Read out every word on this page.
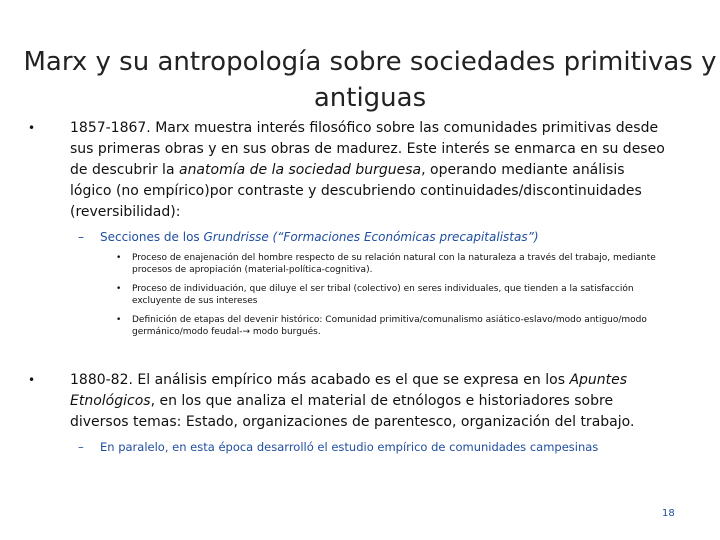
Marx y su antropología sobre sociedades primitivas y antiguas
• 1857-1867. Marx muestra interés filosófico sobre las comunidades primitivas desde sus primeras obras y en sus obras de madurez. Este interés se enmarca en su deseo de descubrir la anatomía de la sociedad burguesa, operando mediante análisis lógico (no empírico)por contraste y descubriendo continuidades/discontinuidades (reversibilidad):
– Secciones de los Grundrisse (“Formaciones Económicas precapitalistas”)
• Proceso de enajenación del hombre respecto de su relación natural con la naturaleza a través del trabajo, mediante procesos de apropiación (material-política-cognitiva).
• Proceso de individuación, que diluye el ser tribal (colectivo) en seres individuales, que tienden a la satisfacción excluyente de sus intereses
• Definición de etapas del devenir histórico: Comunidad primitiva/comunalismo asiático-eslavo/modo antiguo/modo germánico/modo feudal-→ modo burgués.
• 1880-82. El análisis empírico más acabado es el que se expresa en los Apuntes Etnológicos, en los que analiza el material de etnólogos e historiadores sobre diversos temas: Estado, organizaciones de parentesco, organización del trabajo.
– En paralelo, en esta época desarrolló el estudio empírico de comunidades campesinas
18
